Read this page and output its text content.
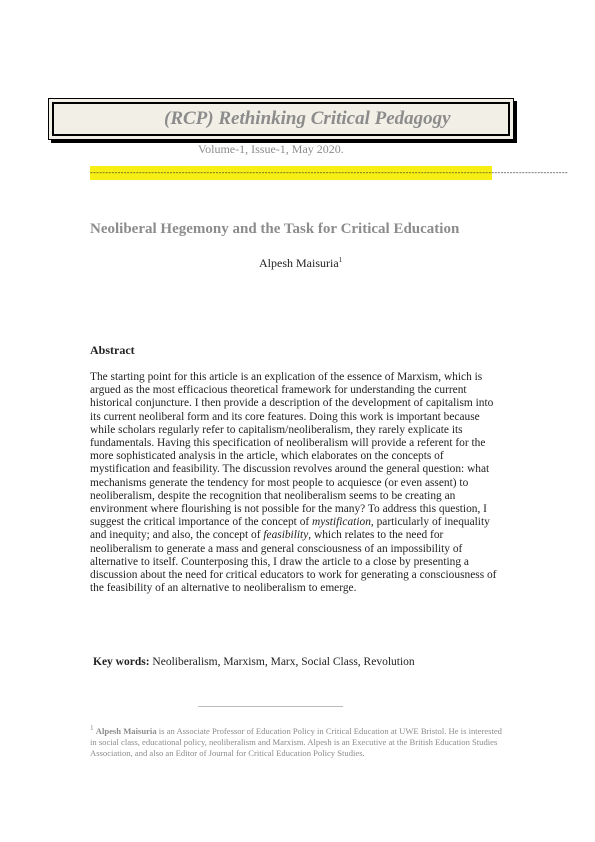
(RCP) Rethinking Critical Pedagogy
Volume-1, Issue-1, May 2020.
------------------------------------------------------------------------------------------------------------------------------------------------------------
Neoliberal Hegemony and the Task for Critical Education
Alpesh Maisuria$^1$
Abstract
The starting point for this article is an explication of the essence of Marxism, which is argued as the most efficacious theoretical framework for understanding the current historical conjuncture. I then provide a description of the development of capitalism into its current neoliberal form and its core features. Doing this work is important because while scholars regularly refer to capitalism/neoliberalism, they rarely explicate its fundamentals. Having this specification of neoliberalism will provide a referent for the more sophisticated analysis in the article, which elaborates on the concepts of mystification and feasibility. The discussion revolves around the general question: what mechanisms generate the tendency for most people to acquiesce (or even assent) to neoliberalism, despite the recognition that neoliberalism seems to be creating an environment where flourishing is not possible for the many? To address this question, I suggest the critical importance of the concept of mystification, particularly of inequality and inequity; and also, the concept of feasibility, which relates to the need for neoliberalism to generate a mass and general consciousness of an impossibility of alternative to itself. Counterposing this, I draw the article to a close by presenting a discussion about the need for critical educators to work for generating a consciousness of the feasibility of an alternative to neoliberalism to emerge.
Key words: Neoliberalism, Marxism, Marx, Social Class, Revolution
$^1$ Alpesh Maisuria is an Associate Professor of Education Policy in Critical Education at UWE Bristol. He is interested in social class, educational policy, neoliberalism and Marxism. Alpesh is an Executive at the British Education Studies Association, and also an Editor of Journal for Critical Education Policy Studies.
